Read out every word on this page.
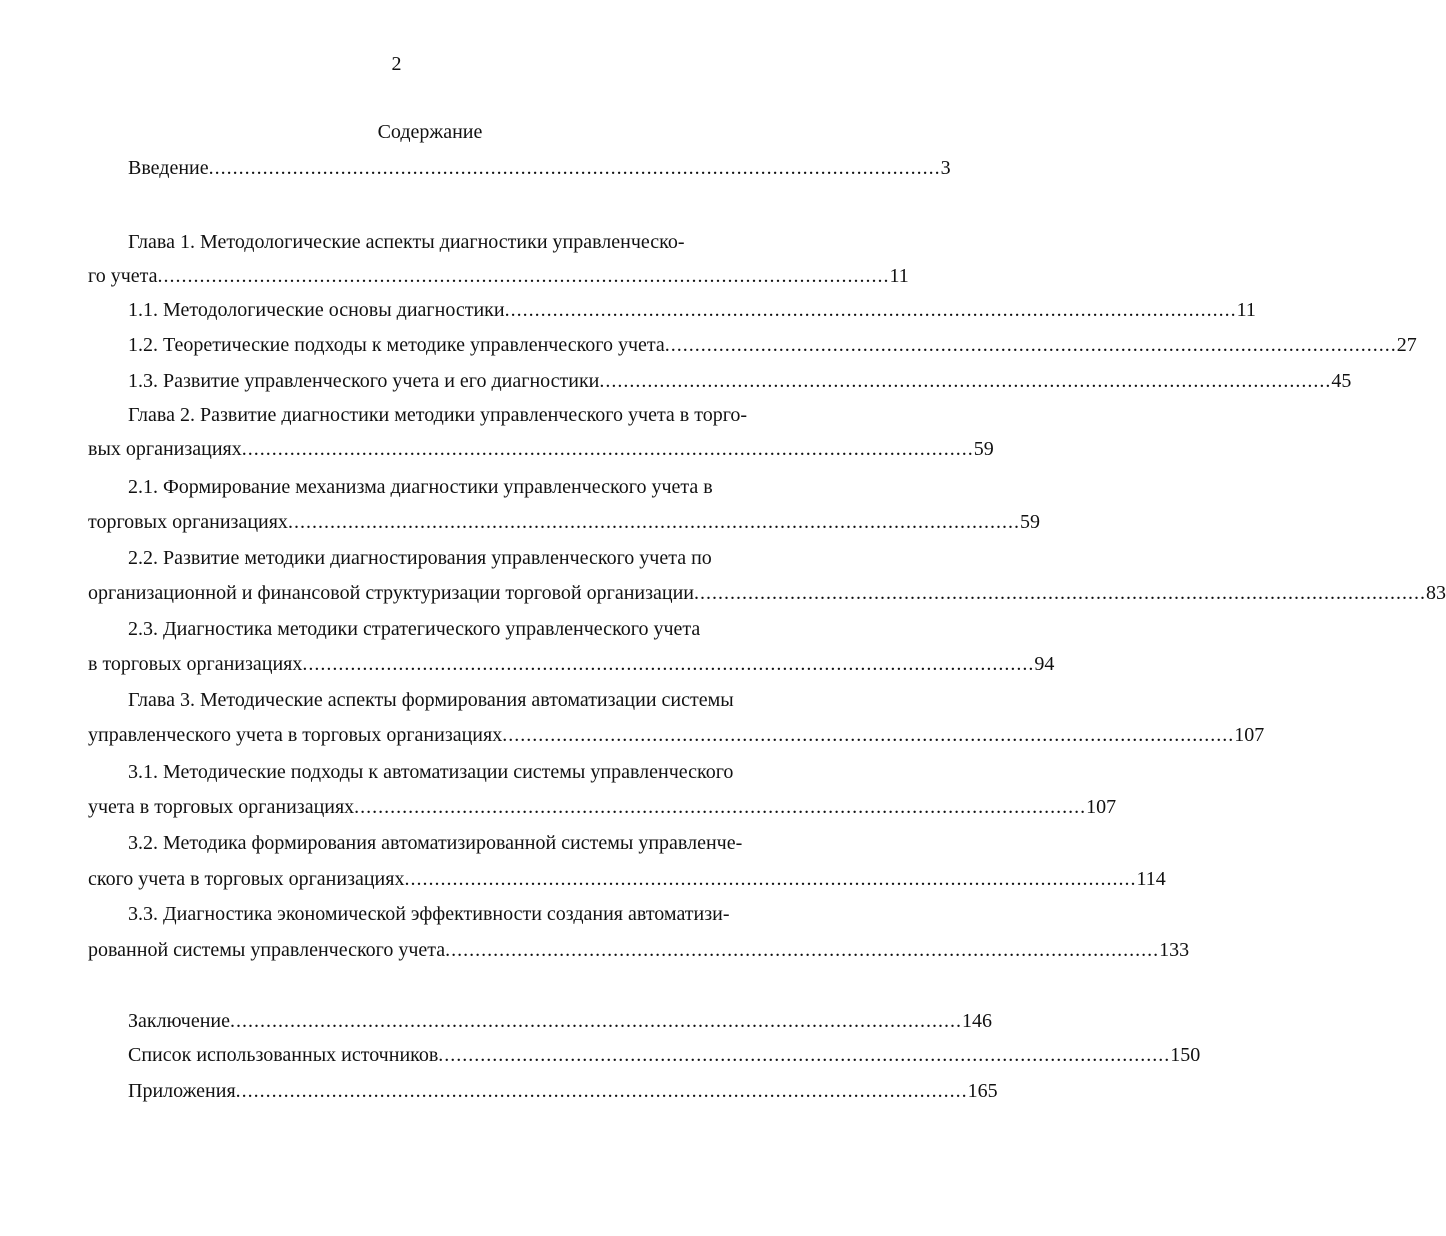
2
Содержание
Введение .......................................................................................................................... 3
Глава 1. Методологические аспекты диагностики управленческо-
го учета .......................................................................................................................... 11
1.1. Методологические основы диагностики .......................................................................................................................... 11
1.2. Теоретические подходы к методике управленческого учета .......................................................................................................................... 27
1.3. Развитие управленческого учета и его диагностики .......................................................................................................................... 45
Глава 2. Развитие диагностики методики управленческого учета в торго-
вых организациях .......................................................................................................................... 59
2.1. Формирование механизма диагностики управленческого учета в
торговых организациях .......................................................................................................................... 59
2.2. Развитие методики диагностирования управленческого учета по
организационной и финансовой структуризации торговой организации .......................................................................................................................... 83
2.3. Диагностика методики стратегического управленческого учета
в торговых организациях .......................................................................................................................... 94
Глава 3. Методические аспекты формирования автоматизации системы
управленческого учета в торговых организациях .......................................................................................................................... 107
3.1. Методические подходы к автоматизации системы управленческого
учета в торговых организациях .......................................................................................................................... 107
3.2. Методика формирования автоматизированной системы управленче-
ского учета в торговых организациях .......................................................................................................................... 114
3.3. Диагностика экономической эффективности создания автоматизи-
рованной системы управленческого учета ....................................................................................................................... 133
Заключение .......................................................................................................................... 146
Список использованных источников .......................................................................................................................... 150
Приложения .......................................................................................................................... 165
